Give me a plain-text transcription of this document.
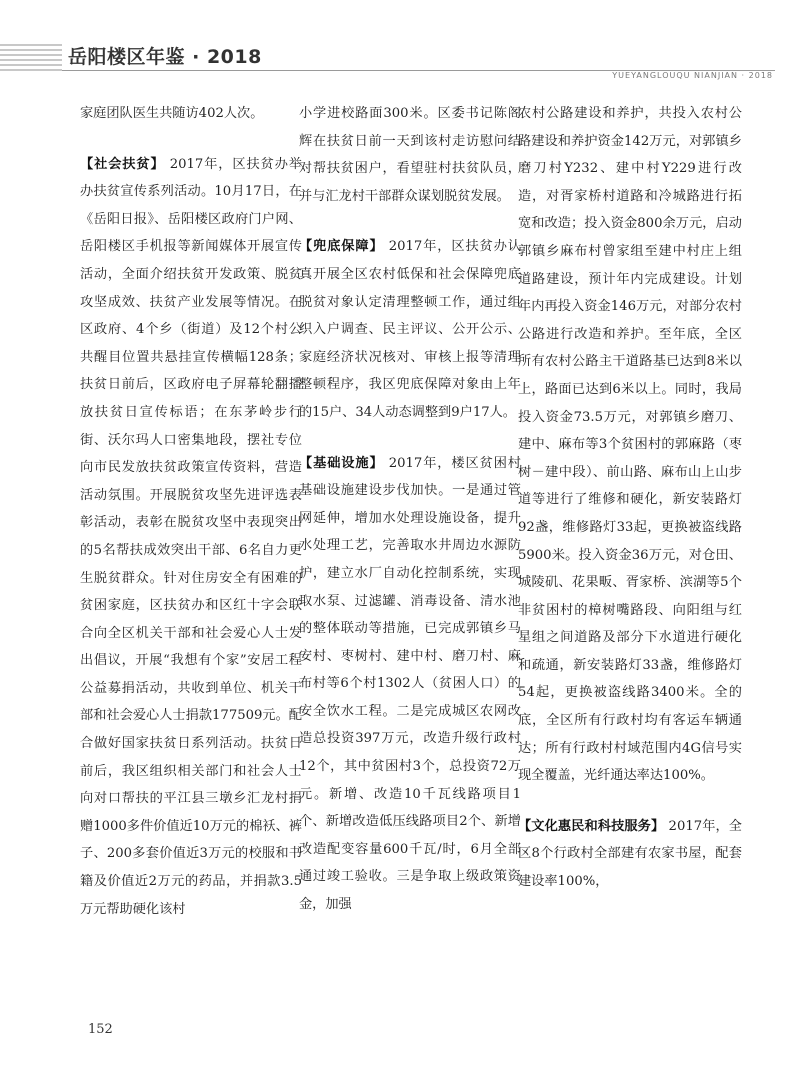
岳阳楼区年鉴 · 2018
YUEYANGLOUQU NIANJIAN · 2018

家庭团队医生共随访402人次。

【社会扶贫】 2017年，区扶贫办举办扶贫宣传系列活动。10月17日，在《岳阳日报》、岳阳楼区政府门户网、岳阳楼区手机报等新闻媒体开展宣传活动，全面介绍扶贫开发政策、脱贫攻坚成效、扶贫产业发展等情况。在区政府、4个乡（街道）及12个村公共醒目位置共悬挂宣传横幅128条；扶贫日前后，区政府电子屏幕轮翻播放扶贫日宣传标语；在东茅岭步行街、沃尔玛人口密集地段，摆社专位向市民发放扶贫政策宣传资料，营造活动氛围。开展脱贫攻坚先进评选表彰活动，表彰在脱贫攻坚中表现突出的5名帮扶成效突出干部、6名自力更生脱贫群众。针对住房安全有困难的贫困家庭，区扶贫办和区红十字会联合向全区机关干部和社会爱心人士发出倡议，开展“我想有个家”安居工程公益募捐活动，共收到单位、机关干部和社会爱心人士捐款177509元。配合做好国家扶贫日系列活动。扶贫日前后，我区组织相关部门和社会人士向对口帮扶的平江县三墩乡汇龙村捐赠1000多件价值近10万元的棉袄、裤子、200多套价值近3万元的校服和书籍及价值近2万元的药品，并捐款3.5万元帮助硬化该村

小学进校路面300米。区委书记陈阁辉在扶贫日前一天到该村走访慰问结对帮扶贫困户，看望驻村扶贫队员，并与汇龙村干部群众谋划脱贫发展。

【兜底保障】 2017年，区扶贫办认真开展全区农村低保和社会保障兜底脱贫对象认定清理整顿工作，通过组织入户调查、民主评议、公开公示、家庭经济状况核对、审核上报等清理整顿程序，我区兜底保障对象由上年的15户、34人动态调整到9户17人。

【基础设施】 2017年，楼区贫困村基础设施建设步伐加快。一是通过管网延伸，增加水处理设施设备，提升水处理工艺，完善取水井周边水源防护，建立水厂自动化控制系统，实现取水泵、过滤罐、消毒设备、清水池的整体联动等措施，已完成郭镇乡马安村、枣树村、建中村、磨刀村、麻布村等6个村1302人（贫困人口）的安全饮水工程。二是完成城区农网改造总投资397万元，改造升级行政村12个，其中贫困村3个，总投资72万元。新增、改造10千瓦线路项目1个、新增改造低压线路项目2个、新增改造配变容量600千瓦/时，6月全部通过竣工验收。三是争取上级政策资金，加强

农村公路建设和养护，共投入农村公路建设和养护资金142万元，对郭镇乡磨刀村Y232、建中村Y229进行改造，对胥家桥村道路和冷城路进行拓宽和改造；投入资金800余万元，启动郭镇乡麻布村曾家组至建中村庄上组道路建设，预计年内完成建设。计划年内再投入资金146万元，对部分农村公路进行改造和养护。至年底，全区所有农村公路主干道路基已达到8米以上，路面已达到6米以上。同时，我局投入资金73.5万元，对郭镇乡磨刀、建中、麻布等3个贫困村的郭麻路（枣树－建中段）、前山路、麻布山上山步道等进行了维修和硬化，新安装路灯92盏，维修路灯33起，更换被盗线路5900米。投入资金36万元，对仓田、城陵矶、花果畈、胥家桥、滨湖等5个非贫困村的樟树嘴路段、向阳组与红星组之间道路及部分下水道进行硬化和疏通，新安装路灯33盏，维修路灯54起，更换被盗线路3400米。全的底，全区所有行政村均有客运车辆通达；所有行政村村域范围内4G信号实现全覆盖，光纤通达率达100%。

【文化惠民和科技服务】 2017年，全区8个行政村全部建有农家书屋，配套建设率100%，

152
